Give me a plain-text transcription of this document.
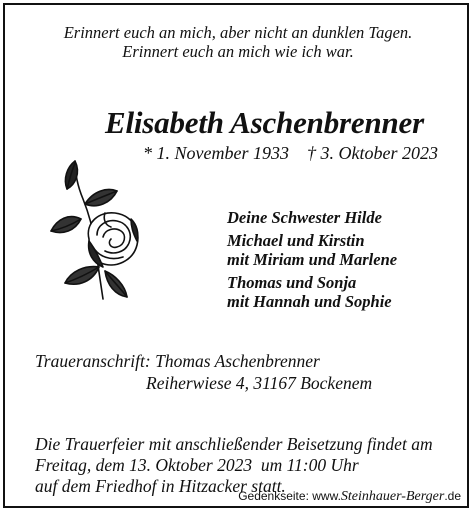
Erinnert euch an mich, aber nicht an dunklen Tagen.
Erinnert euch an mich wie ich war.
Elisabeth Aschenbrenner
* 1. November 1933    † 3. Oktober 2023
Deine Schwester Hilde
Michael und Kirstin
mit Miriam und Marlene
Thomas und Sonja
mit Hannah und Sophie
Traueranschrift: Thomas Aschenbrenner
Reiherwiese 4, 31167 Bockenem
Die Trauerfeier mit anschließender Beisetzung findet am
Freitag, dem 13. Oktober 2023  um 11:00 Uhr
auf dem Friedhof in Hitzacker statt.
Gedenkseite: www.Steinhauer-Berger.de
